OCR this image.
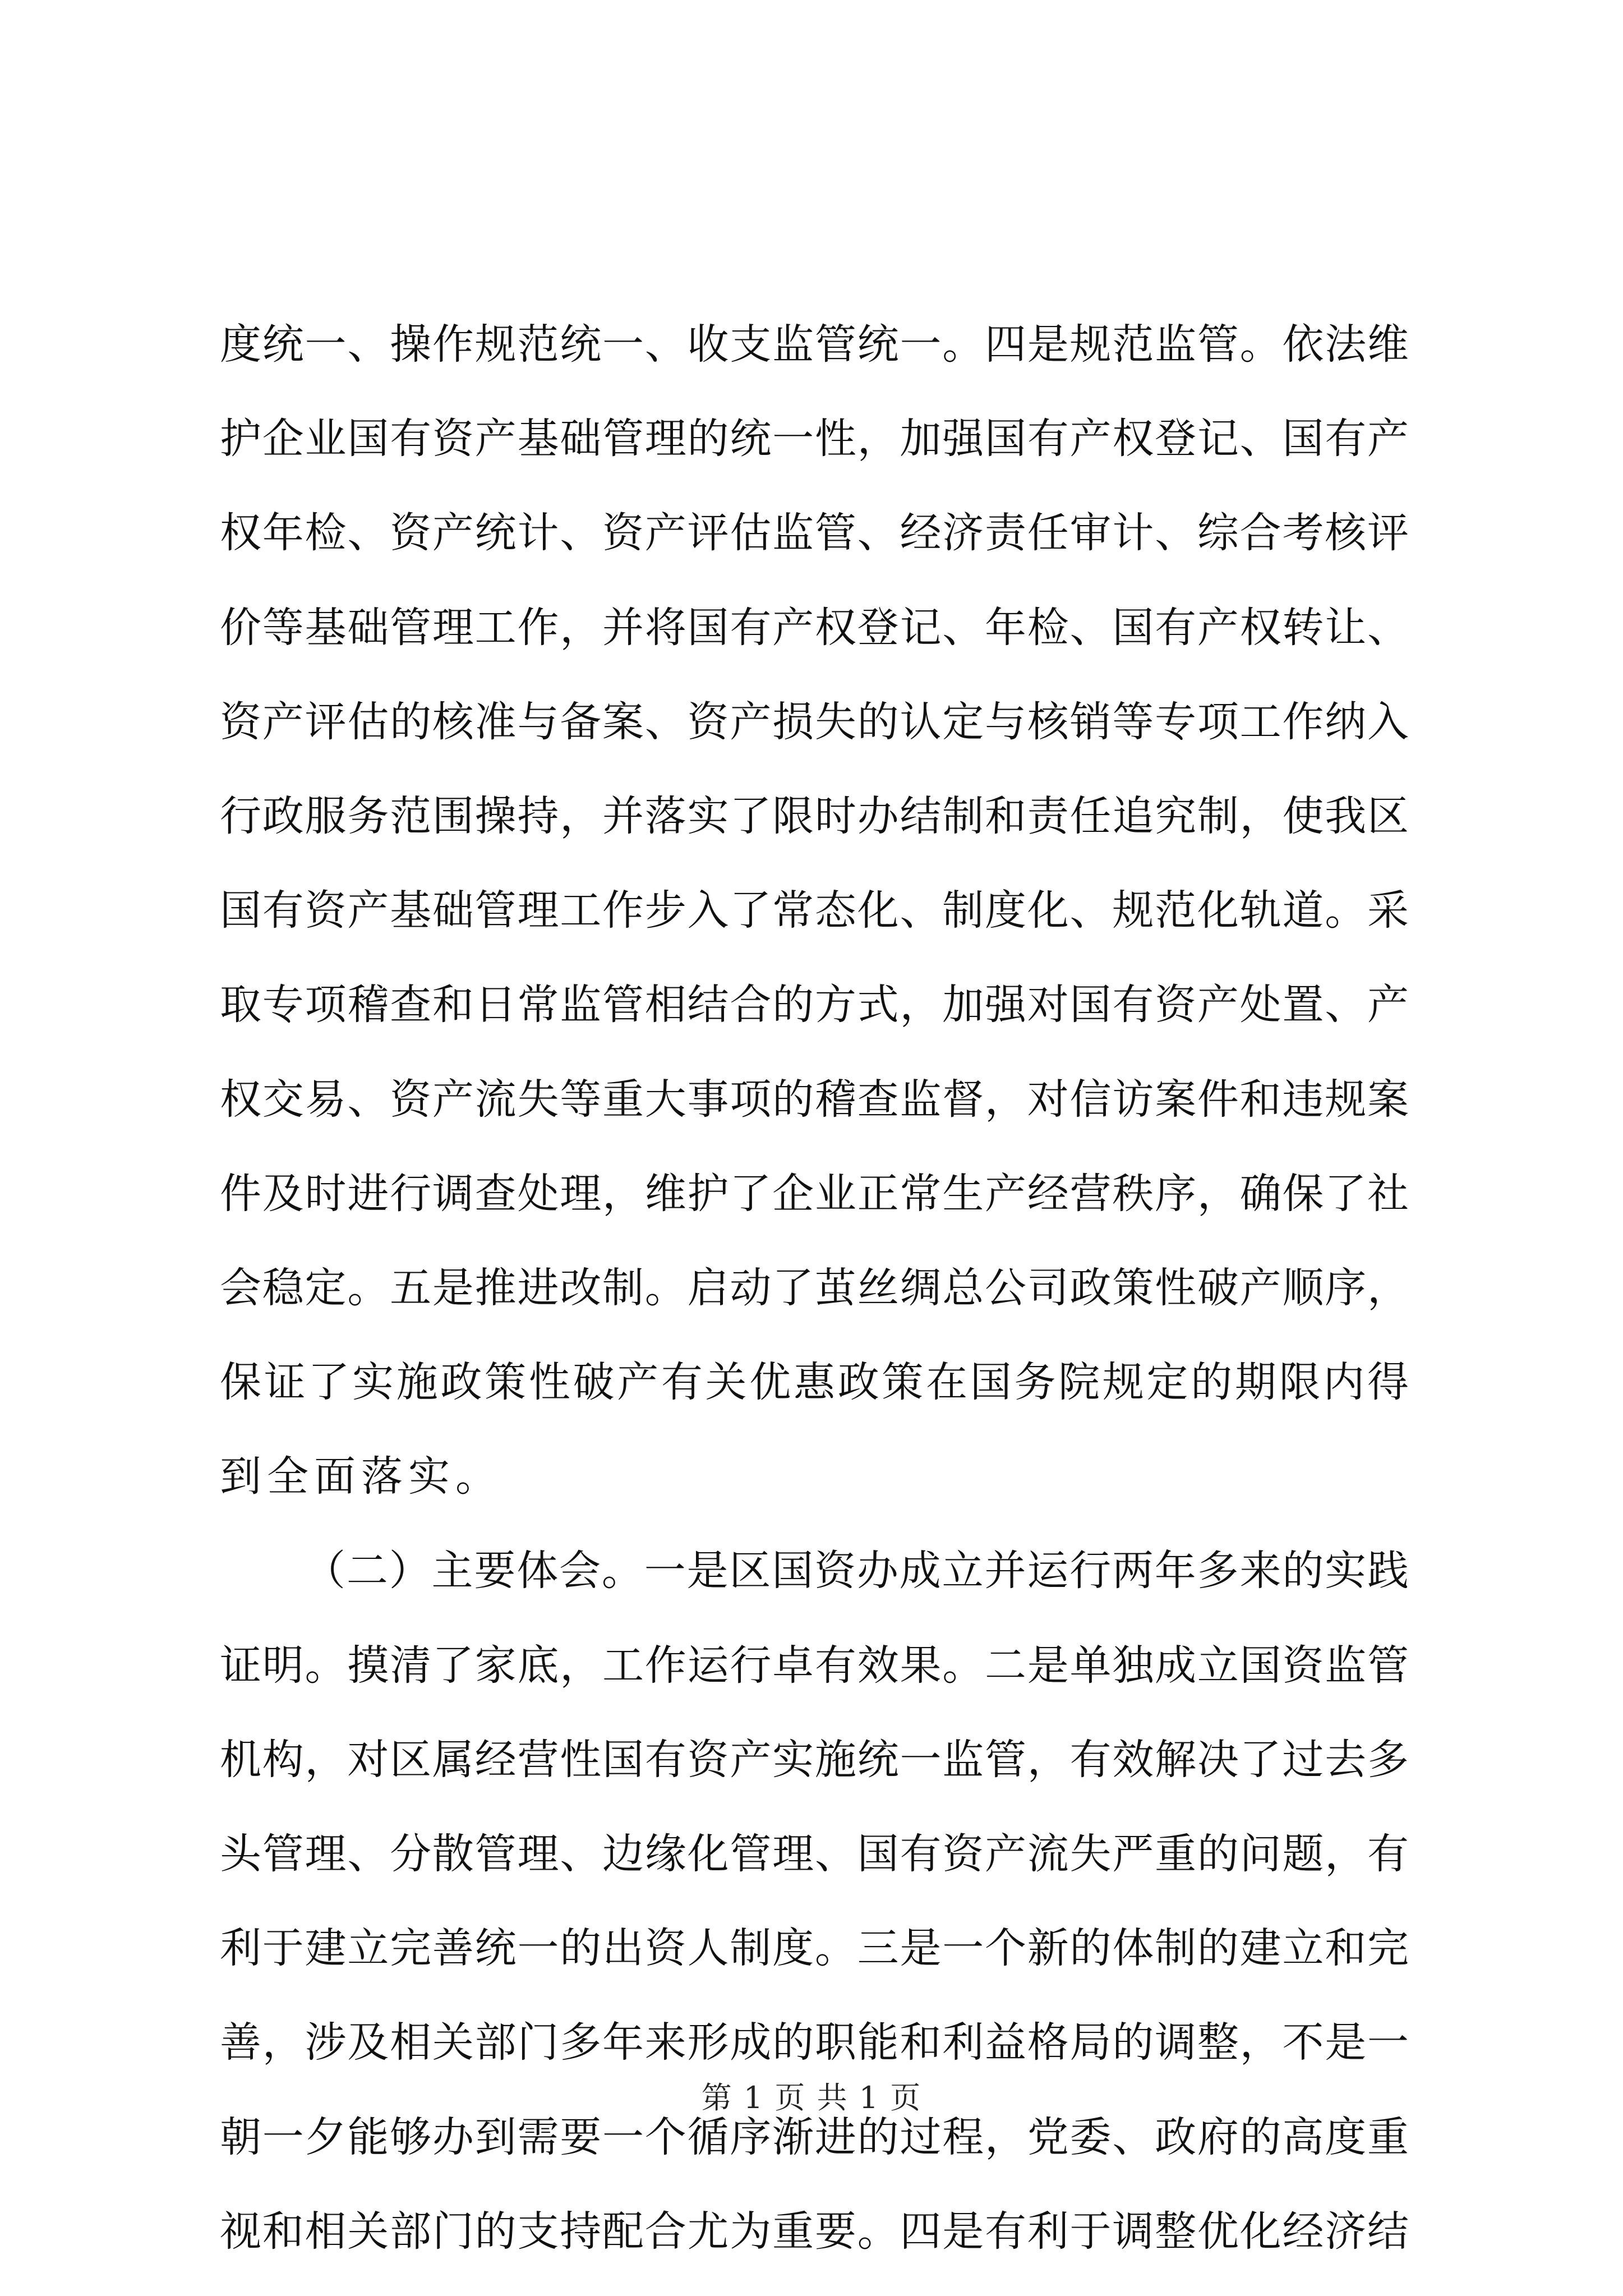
度统一、操作规范统一、收支监管统一。四是规范监管。依法维
护企业国有资产基础管理的统一性，加强国有产权登记、国有产
权年检、资产统计、资产评估监管、经济责任审计、综合考核评
价等基础管理工作，并将国有产权登记、年检、国有产权转让、
资产评估的核准与备案、资产损失的认定与核销等专项工作纳入
行政服务范围操持，并落实了限时办结制和责任追究制，使我区
国有资产基础管理工作步入了常态化、制度化、规范化轨道。采
取专项稽查和日常监管相结合的方式，加强对国有资产处置、产
权交易、资产流失等重大事项的稽查监督，对信访案件和违规案
件及时进行调查处理，维护了企业正常生产经营秩序，确保了社
会稳定。五是推进改制。启动了茧丝绸总公司政策性破产顺序，
保证了实施政策性破产有关优惠政策在国务院规定的期限内得
到全面落实。
（二）主要体会。一是区国资办成立并运行两年多来的实践
证明。摸清了家底，工作运行卓有效果。二是单独成立国资监管
机构，对区属经营性国有资产实施统一监管，有效解决了过去多
头管理、分散管理、边缘化管理、国有资产流失严重的问题，有
利于建立完善统一的出资人制度。三是一个新的体制的建立和完
善，涉及相关部门多年来形成的职能和利益格局的调整，不是一
朝一夕能够办到需要一个循序渐进的过程，党委、政府的高度重
视和相关部门的支持配合尤为重要。四是有利于调整优化经济结
第 1 页 共 1 页
